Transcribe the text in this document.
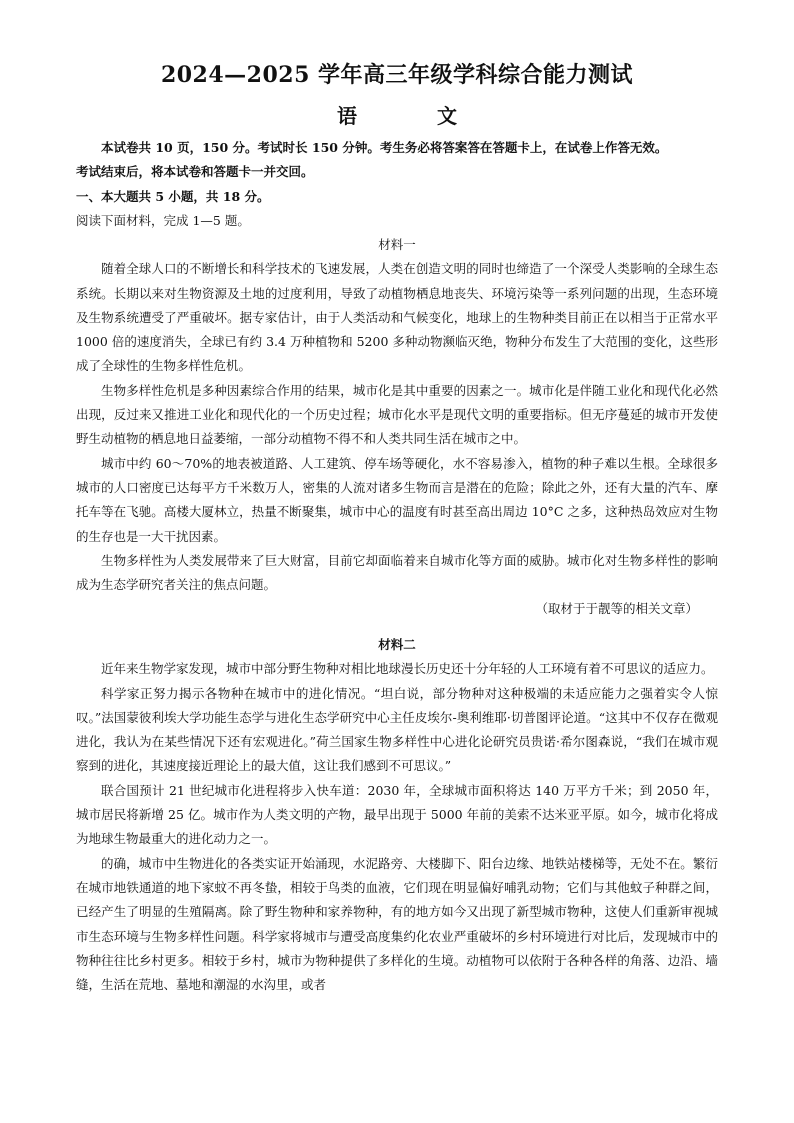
2024—2025 学年高三年级学科综合能力测试
语　文

本试卷共 10 页，150 分。考试时长 150 分钟。考生务必将答案答在答题卡上，在试卷上作答无效。

考试结束后，将本试卷和答题卡一并交回。

一、本大题共 5 小题，共 18 分。

阅读下面材料，完成 1—5 题。

材料一

随着全球人口的不断增长和科学技术的飞速发展，人类在创造文明的同时也缔造了一个深受人类影响的全球生态系统。长期以来对生物资源及土地的过度利用，导致了动植物栖息地丧失、环境污染等一系列问题的出现，生态环境及生物系统遭受了严重破坏。据专家估计，由于人类活动和气候变化，地球上的生物种类目前正在以相当于正常水平 1000 倍的速度消失，全球已有约 3.4 万种植物和 5200 多种动物濒临灭绝，物种分布发生了大范围的变化，这些形成了全球性的生物多样性危机。

生物多样性危机是多种因素综合作用的结果，城市化是其中重要的因素之一。城市化是伴随工业化和现代化必然出现，反过来又推进工业化和现代化的一个历史过程；城市化水平是现代文明的重要指标。但无序蔓延的城市开发使野生动植物的栖息地日益萎缩，一部分动植物不得不和人类共同生活在城市之中。

城市中约 60～70%的地表被道路、人工建筑、停车场等硬化，水不容易渗入，植物的种子难以生根。全球很多城市的人口密度已达每平方千米数万人，密集的人流对诸多生物而言是潜在的危险；除此之外，还有大量的汽车、摩托车等在飞驰。高楼大厦林立，热量不断聚集，城市中心的温度有时甚至高出周边 10°C 之多，这种热岛效应对生物的生存也是一大干扰因素。

生物多样性为人类发展带来了巨大财富，目前它却面临着来自城市化等方面的威胁。城市化对生物多样性的影响成为生态学研究者关注的焦点问题。

（取材于于靓等的相关文章）

材料二

近年来生物学家发现，城市中部分野生物种对相比地球漫长历史还十分年轻的人工环境有着不可思议的适应力。

科学家正努力揭示各物种在城市中的进化情况。“坦白说，部分物种对这种极端的未适应能力之强着实令人惊叹。”法国蒙彼利埃大学功能生态学与进化生态学研究中心主任皮埃尔-奥利维耶·切普图评论道。“这其中不仅存在微观进化，我认为在某些情况下还有宏观进化。”荷兰国家生物多样性中心进化论研究员贵诺·希尔图森说，“我们在城市观察到的进化，其速度接近理论上的最大值，这让我们感到不可思议。”

联合国预计 21 世纪城市化进程将步入快车道：2030 年，全球城市面积将达 140 万平方千米；到 2050 年，城市居民将新增 25 亿。城市作为人类文明的产物，最早出现于 5000 年前的美索不达米亚平原。如今，城市化将成为地球生物最重大的进化动力之一。

的确，城市中生物进化的各类实证开始涌现，水泥路旁、大楼脚下、阳台边缘、地铁站楼梯等，无处不在。繁衍在城市地铁通道的地下家蚊不再冬蛰，相较于鸟类的血液，它们现在明显偏好哺乳动物；它们与其他蚊子种群之间，已经产生了明显的生殖隔离。除了野生物种和家养物种，有的地方如今又出现了新型城市物种，这使人们重新审视城市生态环境与生物多样性问题。科学家将城市与遭受高度集约化农业严重破坏的乡村环境进行对比后，发现城市中的物种往往比乡村更多。相较于乡村，城市为物种提供了多样化的生境。动植物可以依附于各种各样的角落、边沿、墙缝，生活在荒地、墓地和潮湿的水沟里，或者
